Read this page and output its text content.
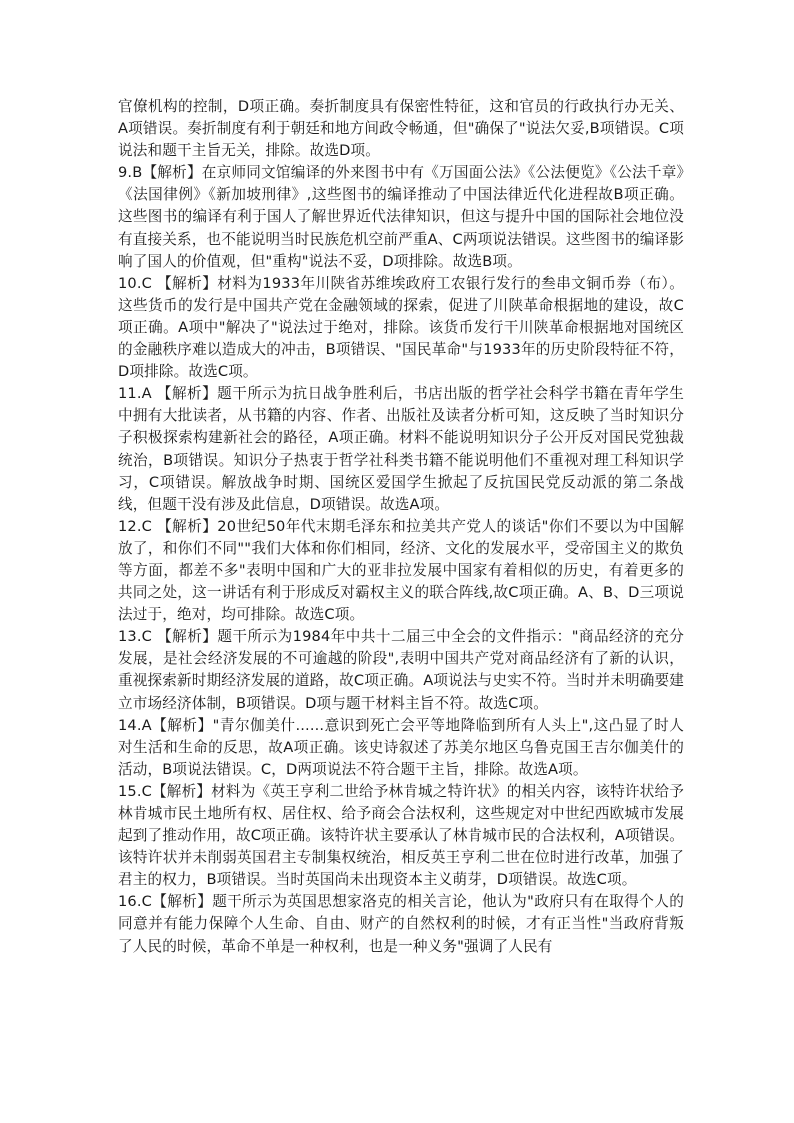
官僚机构的控制，D项正确。奏折制度具有保密性特征，这和官员的行政执行办无关、A项错误。奏折制度有利于朝廷和地方间政令畅通，但"确保了"说法欠妥,B项错误。C项说法和题干主旨无关，排除。故选D项。

9.B【解析】在京师同文馆编译的外来图书中有《万国面公法》《公法便览》《公法千章》《法国律例》《新加坡刑律》,这些图书的编译推动了中国法律近代化进程故B项正确。这些图书的编译有利于国人了解世界近代法律知识，但这与提升中国的国际社会地位没有直接关系，也不能说明当时民族危机空前严重A、C两项说法错误。这些图书的编译影响了国人的价值观，但"重构"说法不妥，D项排除。故选B项。

10.C 【解析】材料为1933年川陕省苏维埃政府工农银行发行的叁串文铜币券（布）。这些货币的发行是中国共产党在金融领域的探索，促进了川陕革命根据地的建设，故C项正确。A项中"解决了"说法过于绝对，排除。该货币发行干川陕革命根据地对国统区的金融秩序难以造成大的冲击，B项错误、"国民革命"与1933年的历史阶段特征不符，D项排除。故选C项。

11.A 【解析】题干所示为抗日战争胜利后，书店出版的哲学社会科学书籍在青年学生中拥有大批读者，从书籍的内容、作者、出版社及读者分析可知，这反映了当时知识分子积极探索构建新社会的路径，A项正确。材料不能说明知识分子公开反对国民党独裁统治，B项错误。知识分子热衷于哲学社科类书籍不能说明他们不重视对理工科知识学习，C项错误。解放战争时期、国统区爱国学生掀起了反抗国民党反动派的第二条战线，但题干没有涉及此信息，D项错误。故选A项。

12.C 【解析】20世纪50年代末期毛泽东和拉美共产党人的谈话"你们不要以为中国解放了，和你们不同""我们大体和你们相同，经济、文化的发展水平，受帝国主义的欺负等方面，都差不多"表明中国和广大的亚非拉发展中国家有着相似的历史，有着更多的共同之处，这一讲话有利于形成反对霸权主义的联合阵线,故C项正确。A、B、D三项说法过于，绝对，均可排除。故选C项。

13.C 【解析】题干所示为1984年中共十二届三中全会的文件指示："商品经济的充分发展，是社会经济发展的不可逾越的阶段",表明中国共产党对商品经济有了新的认识，重视探索新时期经济发展的道路，故C项正确。A项说法与史实不符。当时并未明确要建立市场经济体制，B项错误。D项与题干材料主旨不符。故选C项。

14.A【解析】"青尔伽美什......意识到死亡会平等地降临到所有人头上",这凸显了时人对生活和生命的反思，故A项正确。该史诗叙述了苏美尔地区乌鲁克国王吉尔伽美什的活动，B项说法错误。C，D两项说法不符合题干主旨，排除。故选A项。

15.C【解析】材料为《英王亨利二世给予林肯城之特许状》的相关内容，该特许状给予林肯城市民土地所有权、居住权、给予商会合法权利，这些规定对中世纪西欧城市发展起到了推动作用，故C项正确。该特许状主要承认了林肯城市民的合法权利，A项错误。该特许状并未削弱英国君主专制集权统治，相反英王亨利二世在位时进行改革，加强了君主的权力，B项错误。当时英国尚未出现资本主义萌芽，D项错误。故选C项。

16.C【解析】题干所示为英国思想家洛克的相关言论，他认为"政府只有在取得个人的同意并有能力保障个人生命、自由、财产的自然权利的时候，才有正当性"当政府背叛了人民的时候，革命不单是一种权利，也是一种义务"强调了人民有
